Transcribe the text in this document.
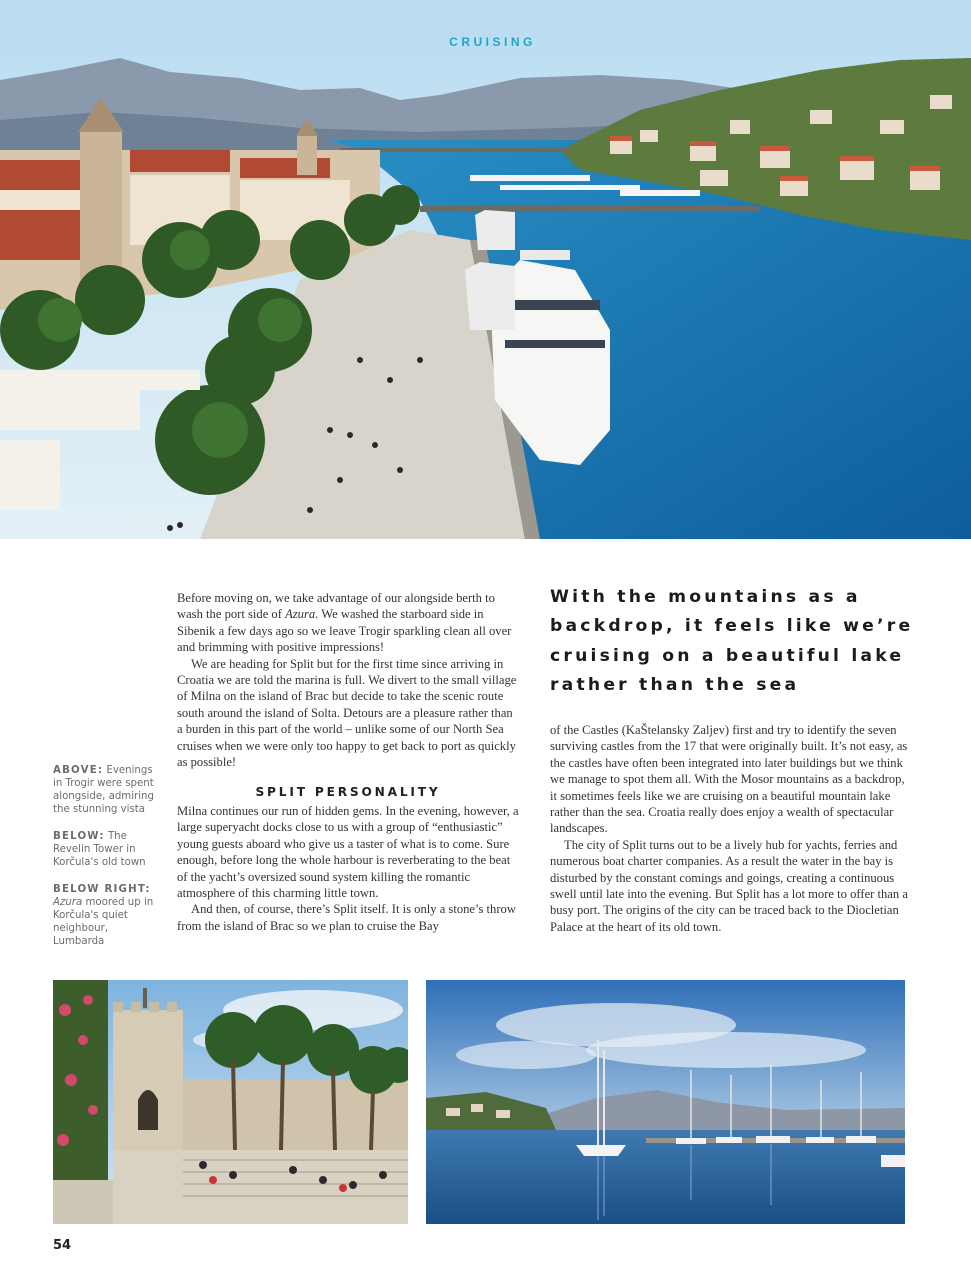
CRUISING
ABOVE: Evenings in Trogir were spent alongside, admiring the stunning vista
BELOW: The Revelin Tower in Korčula's old town
BELOW RIGHT:
Azura moored up in Korčula's quiet neighbour, Lumbarda

Before moving on, we take advantage of our alongside berth to wash the port side of Azura. We washed the starboard side in Sibenik a few days ago so we leave Trogir sparkling clean all over and brimming with positive impressions!

We are heading for Split but for the first time since arriving in Croatia we are told the marina is full. We divert to the small village of Milna on the island of Brac but decide to take the scenic route south around the island of Solta. Detours are a pleasure rather than a burden in this part of the world – unlike some of our North Sea cruises when we were only too happy to get back to port as quickly as possible!

SPLIT PERSONALITY

Milna continues our run of hidden gems. In the evening, however, a large superyacht docks close to us with a group of “enthusiastic” young guests aboard who give us a taster of what is to come. Sure enough, before long the whole harbour is reverberating to the beat of the yacht’s oversized sound system killing the romantic atmosphere of this charming little town.

And then, of course, there’s Split itself. It is only a stone’s throw from the island of Brac so we plan to cruise the Bay

With the mountains as a backdrop, it feels like we’re cruising on a beautiful lake rather than the sea

of the Castles (KaŠtelansky Zaljev) first and try to identify the seven surviving castles from the 17 that were originally built. It’s not easy, as the castles have often been integrated into later buildings but we think we manage to spot them all. With the Mosor mountains as a backdrop, it sometimes feels like we are cruising on a beautiful mountain lake rather than the sea. Croatia really does enjoy a wealth of spectacular landscapes.

The city of Split turns out to be a lively hub for yachts, ferries and numerous boat charter companies. As a result the water in the bay is disturbed by the constant comings and goings, creating a continuous swell until late into the evening. But Split has a lot more to offer than a busy port. The origins of the city can be traced back to the Diocletian Palace at the heart of its old town.

54
